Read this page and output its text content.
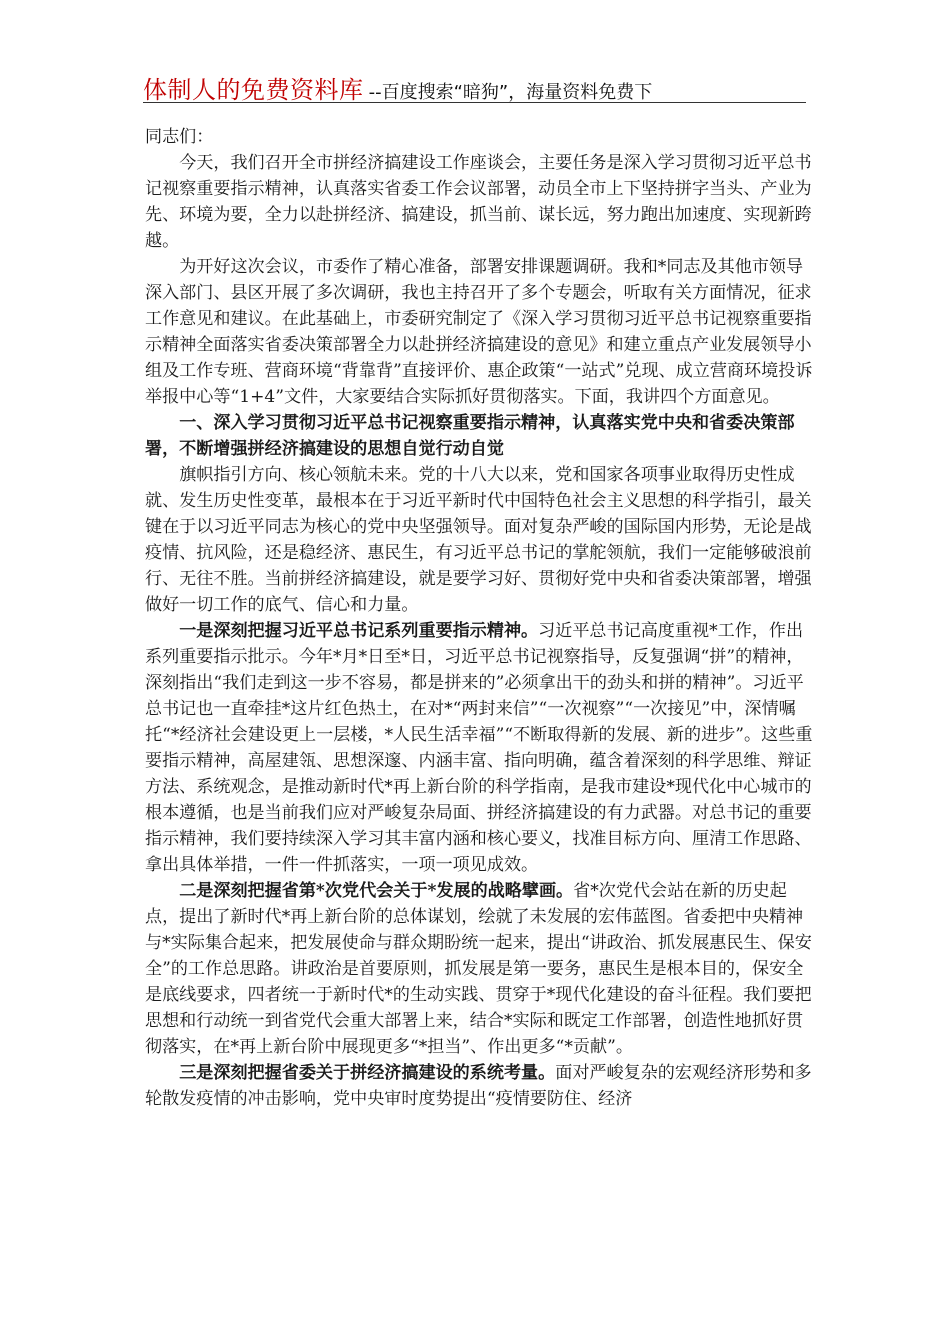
体制人的免费资料库 --百度搜索“暗狗”，海量资料免费下

同志们：

今天，我们召开全市拼经济搞建设工作座谈会，主要任务是深入学习贯彻习近平总书记视察重要指示精神，认真落实省委工作会议部署，动员全市上下坚持拼字当头、产业为先、环境为要，全力以赴拼经济、搞建设，抓当前、谋长远，努力跑出加速度、实现新跨越。

为开好这次会议，市委作了精心准备，部署安排课题调研。我和*同志及其他市领导深入部门、县区开展了多次调研，我也主持召开了多个专题会，听取有关方面情况，征求工作意见和建议。在此基础上，市委研究制定了《深入学习贯彻习近平总书记视察重要指示精神全面落实省委决策部署全力以赴拼经济搞建设的意见》和建立重点产业发展领导小组及工作专班、营商环境“背靠背”直接评价、惠企政策“一站式”兑现、成立营商环境投诉举报中心等“1+4”文件，大家要结合实际抓好贯彻落实。下面，我讲四个方面意见。

一、深入学习贯彻习近平总书记视察重要指示精神，认真落实党中央和省委决策部署，不断增强拼经济搞建设的思想自觉行动自觉

旗帜指引方向、核心领航未来。党的十八大以来，党和国家各项事业取得历史性成就、发生历史性变革，最根本在于习近平新时代中国特色社会主义思想的科学指引，最关键在于以习近平同志为核心的党中央坚强领导。面对复杂严峻的国际国内形势，无论是战疫情、抗风险，还是稳经济、惠民生，有习近平总书记的掌舵领航，我们一定能够破浪前行、无往不胜。当前拼经济搞建设，就是要学习好、贯彻好党中央和省委决策部署，增强做好一切工作的底气、信心和力量。

一是深刻把握习近平总书记系列重要指示精神。习近平总书记高度重视*工作，作出系列重要指示批示。今年*月*日至*日，习近平总书记视察指导，反复强调“拼”的精神，深刻指出“我们走到这一步不容易，都是拼来的”必须拿出干的劲头和拼的精神”。习近平总书记也一直牵挂*这片红色热土，在对*“两封来信”“一次视察”“一次接见”中，深情嘱托“*经济社会建设更上一层楼，*人民生活幸福”“不断取得新的发展、新的进步”。这些重要指示精神，高屋建瓴、思想深邃、内涵丰富、指向明确，蕴含着深刻的科学思维、辩证方法、系统观念，是推动新时代*再上新台阶的科学指南，是我市建设*现代化中心城市的根本遵循，也是当前我们应对严峻复杂局面、拼经济搞建设的有力武器。对总书记的重要指示精神，我们要持续深入学习其丰富内涵和核心要义，找准目标方向、厘清工作思路、拿出具体举措，一件一件抓落实，一项一项见成效。

二是深刻把握省第*次党代会关于*发展的战略擘画。省*次党代会站在新的历史起点，提出了新时代*再上新台阶的总体谋划，绘就了未发展的宏伟蓝图。省委把中央精神与*实际集合起来，把发展使命与群众期盼统一起来，提出“讲政治、抓发展惠民生、保安全”的工作总思路。讲政治是首要原则，抓发展是第一要务，惠民生是根本目的，保安全是底线要求，四者统一于新时代*的生动实践、贯穿于*现代化建设的奋斗征程。我们要把思想和行动统一到省党代会重大部署上来，结合*实际和既定工作部署，创造性地抓好贯彻落实，在*再上新台阶中展现更多“*担当”、作出更多“*贡献”。

三是深刻把握省委关于拼经济搞建设的系统考量。面对严峻复杂的宏观经济形势和多轮散发疫情的冲击影响，党中央审时度势提出“疫情要防住、经济
